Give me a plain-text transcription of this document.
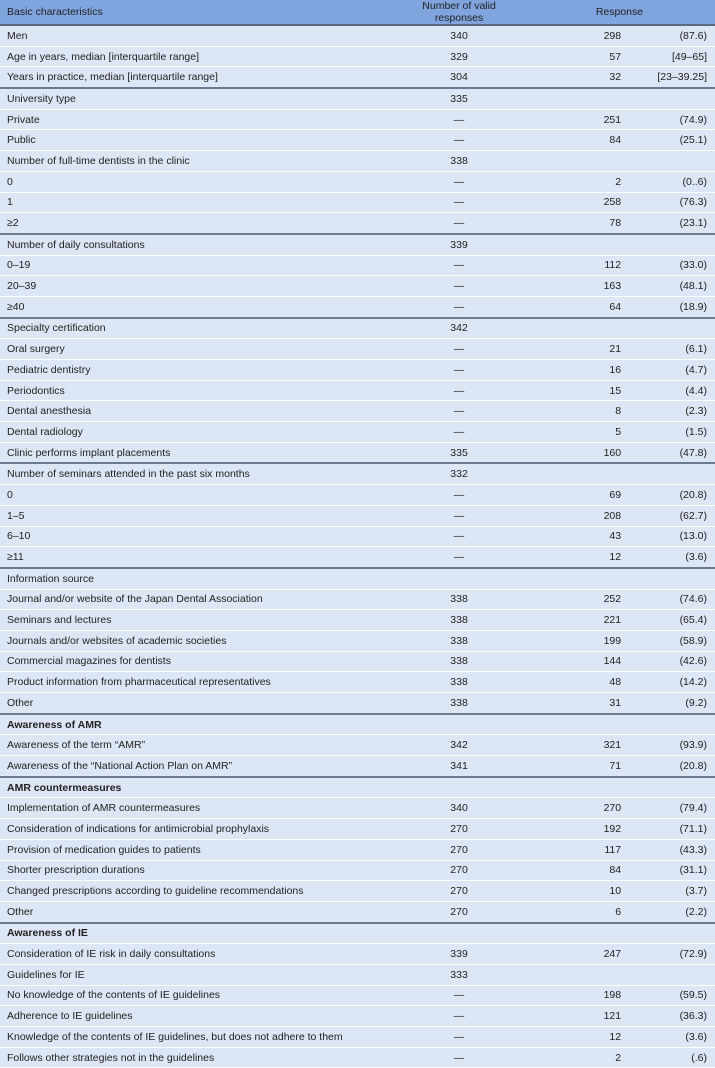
Basic characteristics	Number of valid responses	Response	
Men	340	298	(87.6)
Age in years, median [interquartile range]	329	57	[49–65]
Years in practice, median [interquartile range]	304	32	[23–39.25]
University type	335		
Private	—	251	(74.9)
Public	—	84	(25.1)
Number of full-time dentists in the clinic	338		
0	—	2	(0..6)
1	—	258	(76.3)
≥2	—	78	(23.1)
Number of daily consultations	339		
0–19	—	112	(33.0)
20–39	—	163	(48.1)
≥40	—	64	(18.9)
Specialty certification	342		
Oral surgery	—	21	(6.1)
Pediatric dentistry	—	16	(4.7)
Periodontics	—	15	(4.4)
Dental anesthesia	—	8	(2.3)
Dental radiology	—	5	(1.5)
Clinic performs implant placements	335	160	(47.8)
Number of seminars attended in the past six months	332		
0	—	69	(20.8)
1–5	—	208	(62.7)
6–10	—	43	(13.0)
≥11	—	12	(3.6)
Information source			
Journal and/or website of the Japan Dental Association	338	252	(74.6)
Seminars and lectures	338	221	(65.4)
Journals and/or websites of academic societies	338	199	(58.9)
Commercial magazines for dentists	338	144	(42.6)
Product information from pharmaceutical representatives	338	48	(14.2)
Other	338	31	(9.2)
Awareness of AMR			
Awareness of the term “AMR”	342	321	(93.9)
Awareness of the “National Action Plan on AMR”	341	71	(20.8)
AMR countermeasures			
Implementation of AMR countermeasures	340	270	(79.4)
Consideration of indications for antimicrobial prophylaxis	270	192	(71.1)
Provision of medication guides to patients	270	117	(43.3)
Shorter prescription durations	270	84	(31.1)
Changed prescriptions according to guideline recommendations	270	10	(3.7)
Other	270	6	(2.2)
Awareness of IE			
Consideration of IE risk in daily consultations	339	247	(72.9)
Guidelines for IE	333		
No knowledge of the contents of IE guidelines	—	198	(59.5)
Adherence to IE guidelines	—	121	(36.3)
Knowledge of the contents of IE guidelines, but does not adhere to them	—	12	(3.6)
Follows other strategies not in the guidelines	—	2	(.6)
